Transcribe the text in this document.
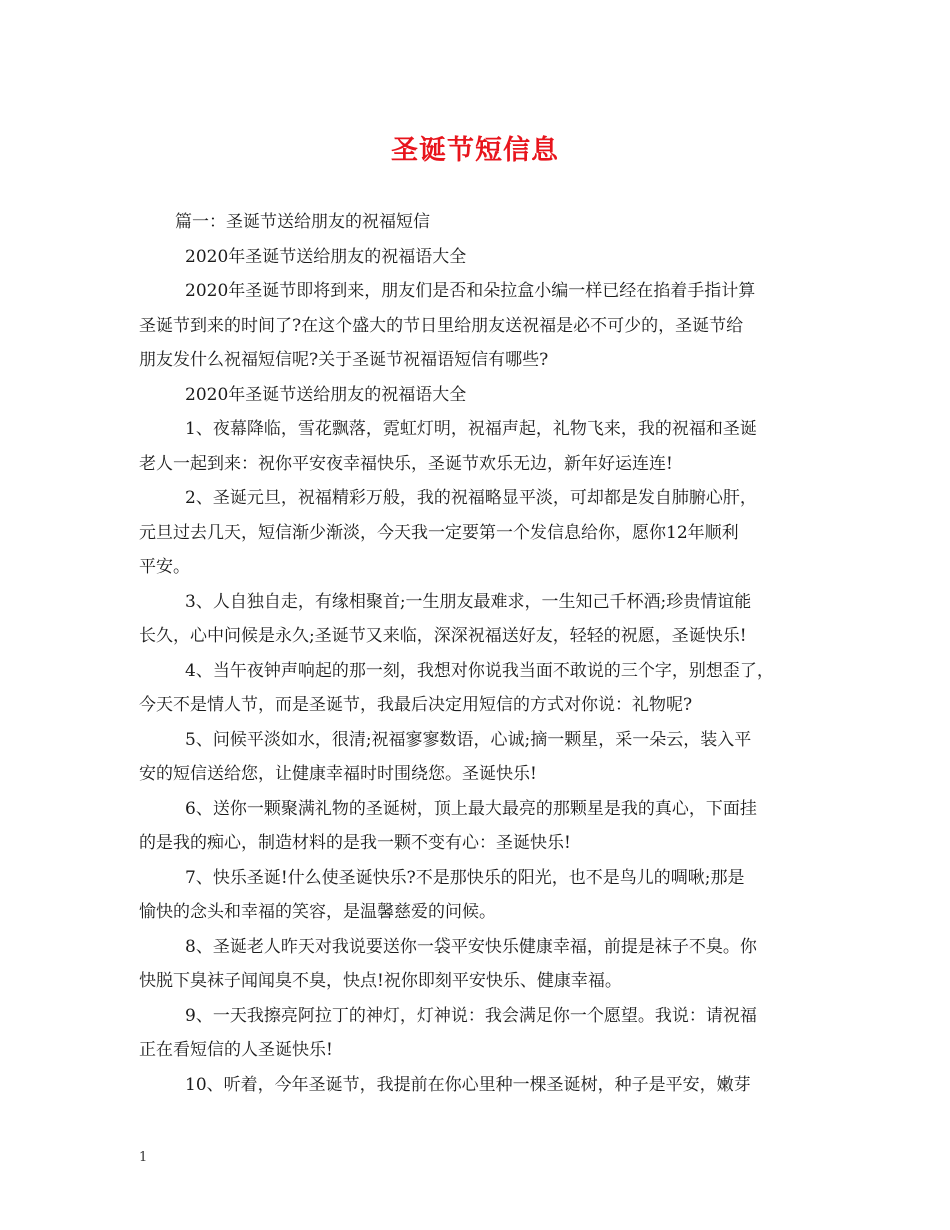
圣诞节短信息

篇一：圣诞节送给朋友的祝福短信

2020年圣诞节送给朋友的祝福语大全

2020年圣诞节即将到来，朋友们是否和朵拉盒小编一样已经在掐着手指计算

圣诞节到来的时间了?在这个盛大的节日里给朋友送祝福是必不可少的，圣诞节给

朋友发什么祝福短信呢?关于圣诞节祝福语短信有哪些?

2020年圣诞节送给朋友的祝福语大全

1、夜幕降临，雪花飘落，霓虹灯明，祝福声起，礼物飞来，我的祝福和圣诞

老人一起到来：祝你平安夜幸福快乐，圣诞节欢乐无边，新年好运连连!

2、圣诞元旦，祝福精彩万般，我的祝福略显平淡，可却都是发自肺腑心肝，

元旦过去几天，短信渐少渐淡，今天我一定要第一个发信息给你，愿你12年顺利

平安。

3、人自独自走，有缘相聚首;一生朋友最难求，一生知己千杯酒;珍贵情谊能

长久，心中问候是永久;圣诞节又来临，深深祝福送好友，轻轻的祝愿，圣诞快乐!

4、当午夜钟声响起的那一刻，我想对你说我当面不敢说的三个字，别想歪了，

今天不是情人节，而是圣诞节，我最后决定用短信的方式对你说：礼物呢?

5、问候平淡如水，很清;祝福寥寥数语，心诚;摘一颗星，采一朵云，装入平

安的短信送给您，让健康幸福时时围绕您。圣诞快乐!

6、送你一颗聚满礼物的圣诞树，顶上最大最亮的那颗星是我的真心，下面挂

的是我的痴心，制造材料的是我一颗不变有心：圣诞快乐!

7、快乐圣诞!什么使圣诞快乐?不是那快乐的阳光，也不是鸟儿的啁啾;那是

愉快的念头和幸福的笑容，是温馨慈爱的问候。

8、圣诞老人昨天对我说要送你一袋平安快乐健康幸福，前提是袜子不臭。你

快脱下臭袜子闻闻臭不臭，快点!祝你即刻平安快乐、健康幸福。

9、一天我擦亮阿拉丁的神灯，灯神说：我会满足你一个愿望。我说：请祝福

正在看短信的人圣诞快乐!

10、听着，今年圣诞节，我提前在你心里种一棵圣诞树，种子是平安，嫩芽

1
